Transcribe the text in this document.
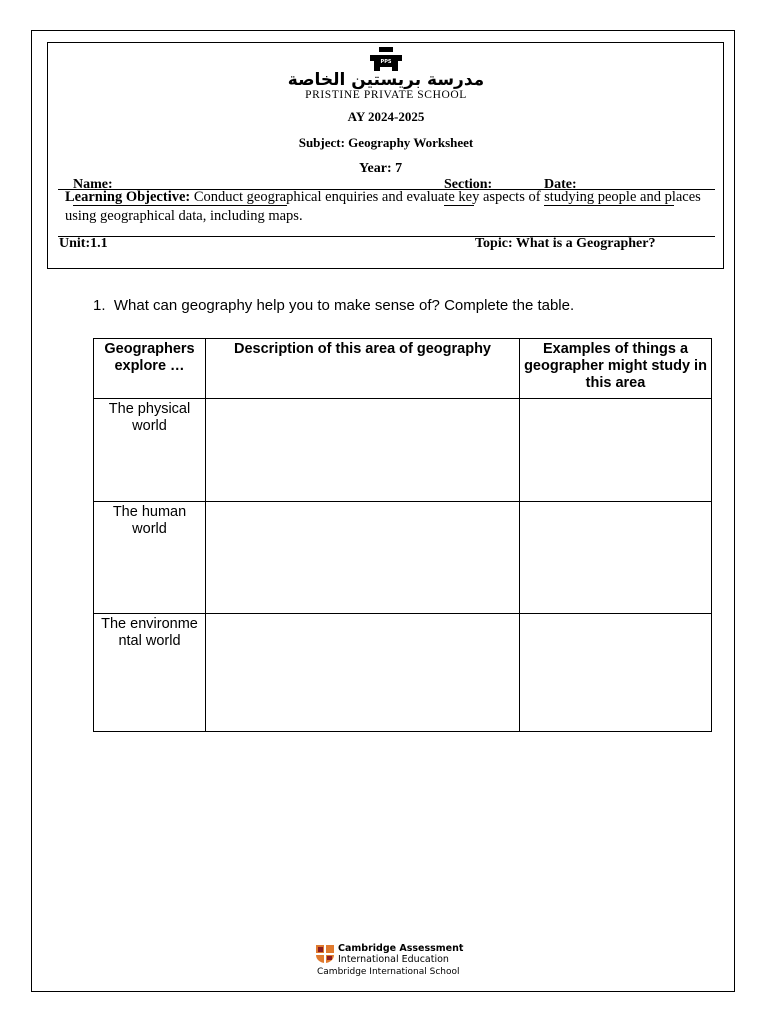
PPS
مدرسة بريستين الخاصة
PRISTINE PRIVATE SCHOOL
AY 2024-2025
Subject: Geography Worksheet

Name:

Year: 7

Section:
	Date:

Learning Objective: Conduct geographical enquiries and evaluate key aspects of studying people and places using geographical data, including maps.
Unit:1.1	Topic: What is a Geographer?
1. What can geography help you to make sense of? Complete the table.
Geographers explore …	Description of this area of geography	Examples of things a geographer might study in this area
The physical world		
The human world		
The environmental world		
Cambridge Assessment
International Education
Cambridge International School
